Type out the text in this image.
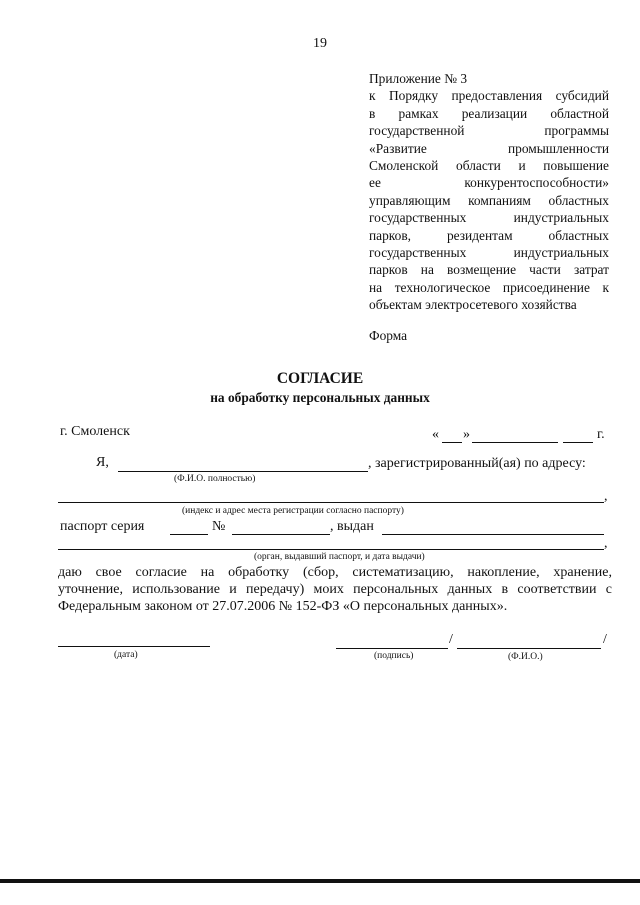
19
Приложение № 3
к Порядку предоставления субсидий
в рамках реализации областной
государственной программы
«Развитие промышленности
Смоленской области и повышение
ее конкурентоспособности»
управляющим компаниям областных
государственных индустриальных
парков, резидентам областных
государственных индустриальных
парков на возмещение части затрат
на технологическое присоединение к
объектам электросетевого хозяйства
Форма
СОГЛАСИЕ
на обработку персональных данных
г. Смоленск	« »	г.
Я,	, зарегистрированный(ая) по адресу:
(Ф.И.О. полностью)
,
(индекс и адрес места регистрации согласно паспорту)
паспорт серия	№	, выдан
,
(орган, выдавший паспорт, и дата выдачи)
даю свое согласие на обработку (сбор, систематизацию, накопление, хранение,
уточнение, использование и передачу) моих персональных данных в соответствии с
Федеральным законом от 27.07.2006 № 152-ФЗ «О персональных данных».
(дата)
/	/
(подпись)	(Ф.И.О.)
